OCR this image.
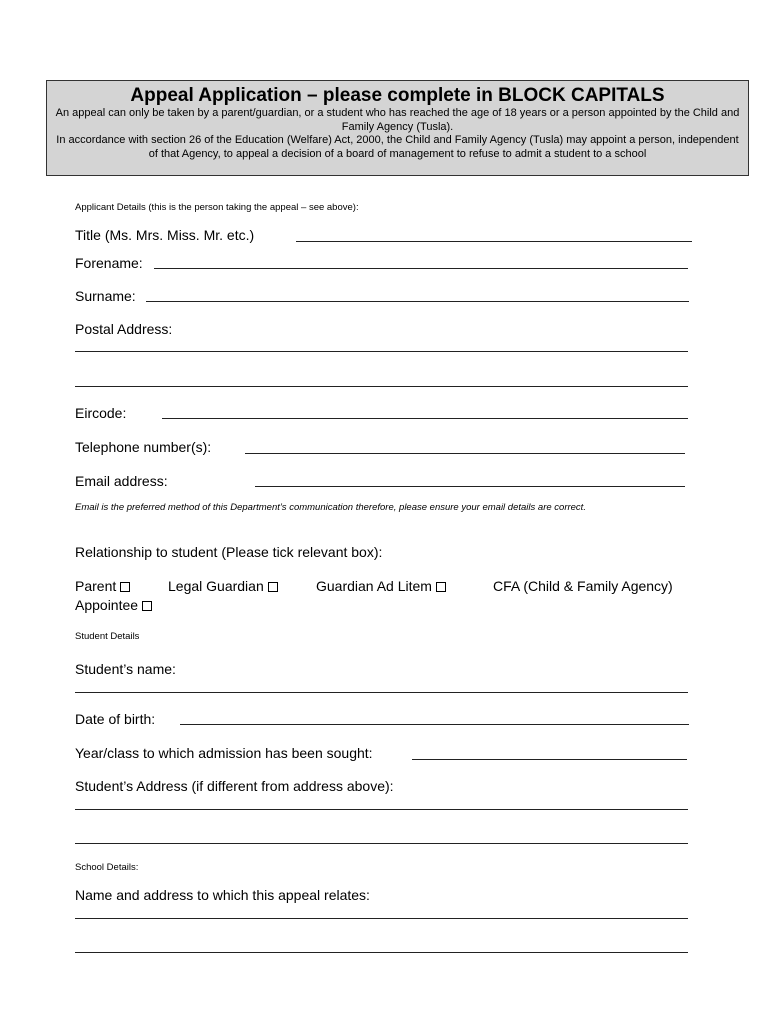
Appeal Application – please complete in BLOCK CAPITALS
An appeal can only be taken by a parent/guardian, or a student who has reached the age of 18 years or a person appointed by the Child and Family Agency (Tusla).
In accordance with section 26 of the Education (Welfare) Act, 2000, the Child and Family Agency (Tusla) may appoint a person, independent of that Agency, to appeal a decision of a board of management to refuse to admit a student to a school
Applicant Details (this is the person taking the appeal – see above):
Title (Ms. Mrs. Miss. Mr. etc.)
Forename:
Surname:
Postal Address:
Eircode:
Telephone number(s):
Email address:
Email is the preferred method of this Department’s communication therefore, please ensure your email details are correct.
Relationship to student (Please tick relevant box):
Parent	Legal Guardian	Guardian Ad Litem	CFA (Child & Family Agency)
Appointee
Student Details
Student’s name:
Date of birth:
Year/class to which admission has been sought:
Student’s Address (if different from address above):
School Details:
Name and address to which this appeal relates:
